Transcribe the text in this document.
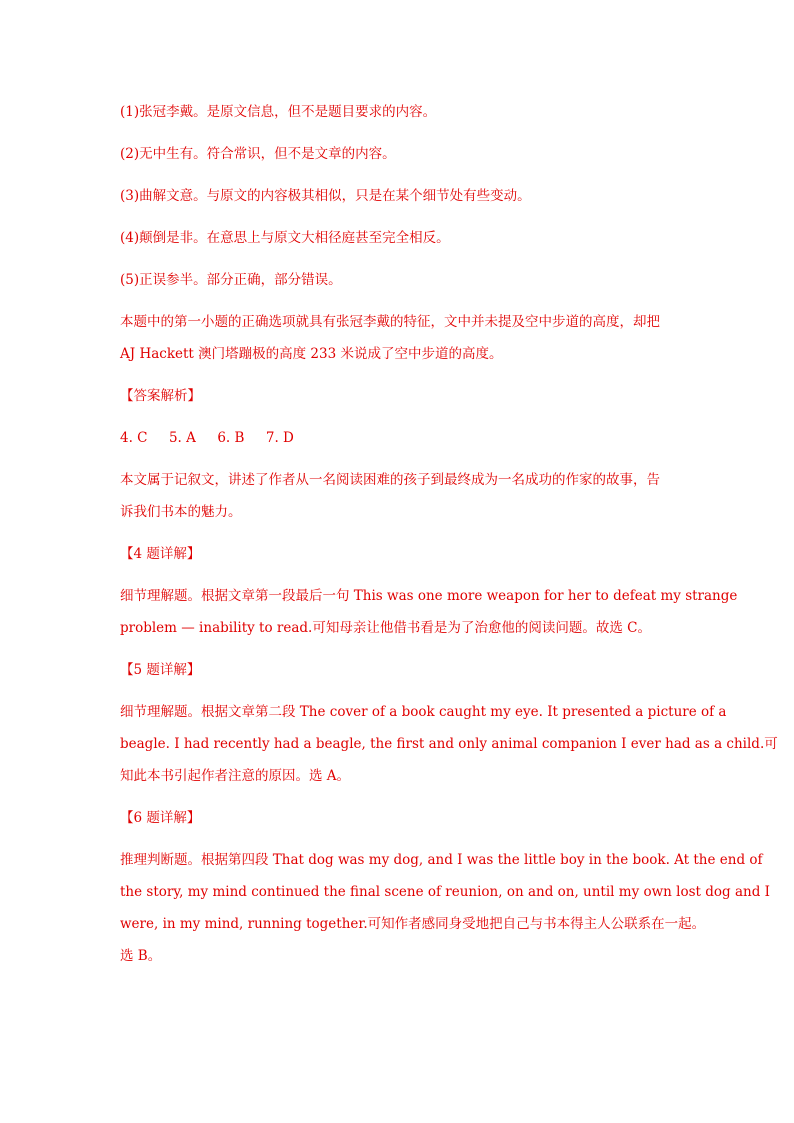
(1)张冠李戴。是原文信息，但不是题目要求的内容。

(2)无中生有。符合常识，但不是文章的内容。

(3)曲解文意。与原文的内容极其相似，只是在某个细节处有些变动。

(4)颠倒是非。在意思上与原文大相径庭甚至完全相反。

(5)正误参半。部分正确，部分错误。

本题中的第一小题的正确选项就具有张冠李戴的特征，文中并未提及空中步道的高度，却把

AJ Hackett 澳门塔蹦极的高度 233 米说成了空中步道的高度。

【答案解析】

4. C     5. A     6. B     7. D

本文属于记叙文，讲述了作者从一名阅读困难的孩子到最终成为一名成功的作家的故事，告

诉我们书本的魅力。

【4 题详解】

细节理解题。根据文章第一段最后一句 This was one more weapon for her to defeat my strange

problem — inability to read.可知母亲让他借书看是为了治愈他的阅读问题。故选 C。

【5 题详解】

细节理解题。根据文章第二段 The cover of a book caught my eye. It presented a picture of a

beagle. I had recently had a beagle, the first and only animal companion I ever had as a child.可

知此本书引起作者注意的原因。选 A。

【6 题详解】

推理判断题。根据第四段 That dog was my dog, and I was the little boy in the book. At the end of

the story, my mind continued the final scene of reunion, on and on, until my own lost dog and I

were, in my mind, running together.可知作者感同身受地把自己与书本得主人公联系在一起。

选 B。
